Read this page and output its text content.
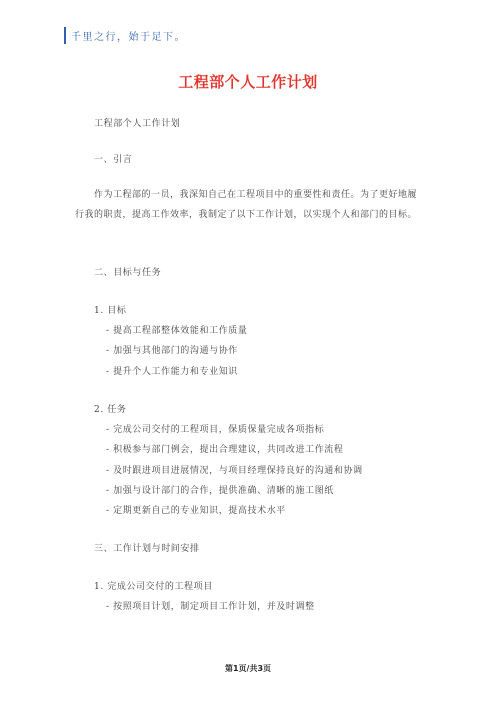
千里之行，始于足下。
工程部个人工作计划
工程部个人工作计划
一、引言
作为工程部的一员，我深知自己在工程项目中的重要性和责任。为了更好地履行我的职责，提高工作效率，我制定了以下工作计划，以实现个人和部门的目标。
二、目标与任务
1. 目标
- 提高工程部整体效能和工作质量
- 加强与其他部门的沟通与协作
- 提升个人工作能力和专业知识
2. 任务
- 完成公司交付的工程项目，保质保量完成各项指标
- 积极参与部门例会，提出合理建议，共同改进工作流程
- 及时跟进项目进展情况，与项目经理保持良好的沟通和协调
- 加强与设计部门的合作，提供准确、清晰的施工图纸
- 定期更新自己的专业知识，提高技术水平
三、工作计划与时间安排
1. 完成公司交付的工程项目
- 按照项目计划，制定项目工作计划，并及时调整
第1页/共3页
